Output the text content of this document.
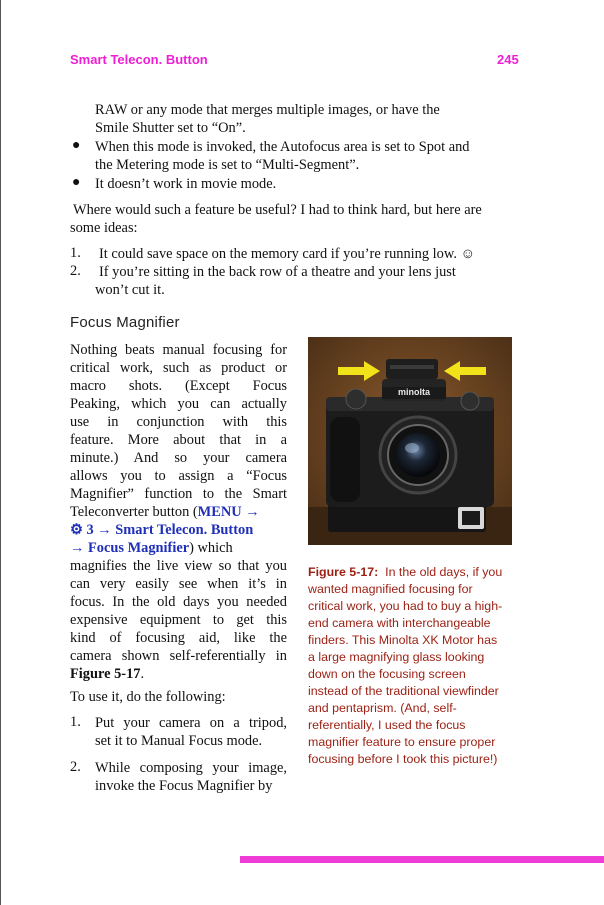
Smart Telecon. Button	245

RAW or any mode that merges multiple images, or have the

Smile Shutter set to “On”.

● When this mode is invoked, the Autofocus area is set to Spot and

the Metering mode is set to “Multi-Segment”.

● It doesn’t work in movie mode.

Where would such a feature be useful? I had to think hard, but here are

some ideas:

1. It could save space on the memory card if you’re running low. ☺

2. If you’re sitting in the back row of a theatre and your lens just

won’t cut it.

Focus Magnifier

Nothing beats manual focusing for

critical work, such as product or

macro shots. (Except Focus

Peaking, which you can actually

use in conjunction with this

feature. More about that in a

minute.) And so your camera

allows you to assign a “Focus

Magnifier” function to the Smart

Teleconverter button (MENU →

⚙ 3 → Smart Telecon. Button

→ Focus Magnifier) which

magnifies the live view so that you

can very easily see when it’s in

focus. In the old days you needed

expensive equipment to get this

kind of focusing aid, like the

camera shown self-referentially in

Figure 5-17.

To use it, do the following:

1. Put your camera on a tripod,

set it to Manual Focus mode.

2. While composing your image,

invoke the Focus Magnifier by

minolta

Figure 5-17: In the old days, if you
wanted magnified focusing for
critical work, you had to buy a high-
end camera with interchangeable
finders. This Minolta XK Motor has
a large magnifying glass looking
down on the focusing screen
instead of the traditional viewfinder
and pentaprism. (And, self-
referentially, I used the focus
magnifier feature to ensure proper
focusing before I took this picture!)
